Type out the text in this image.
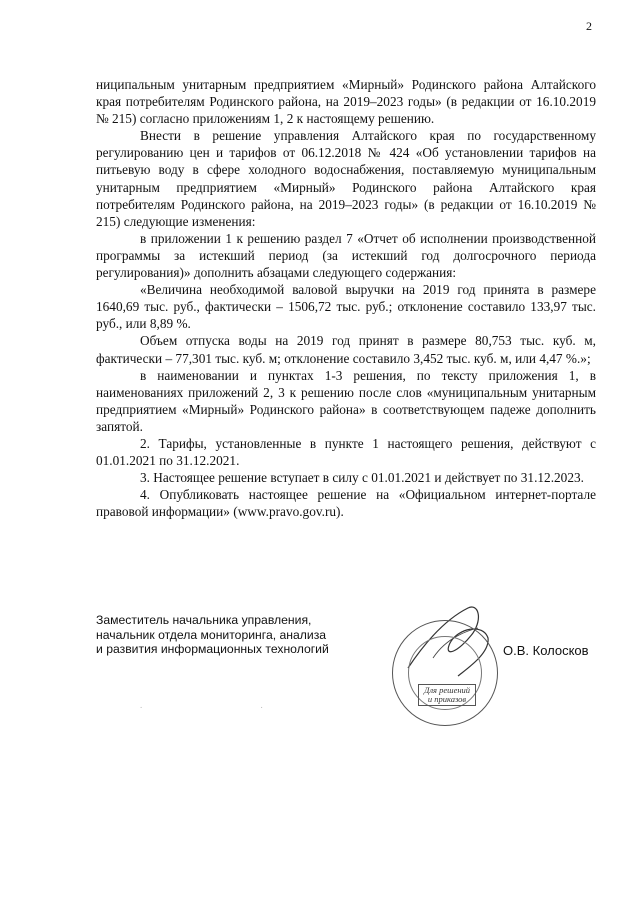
2

ниципальным унитарным предприятием «Мирный» Родинского района Алтайского края потребителям Родинского района, на 2019–2023 годы» (в редакции от 16.10.2019 № 215) согласно приложениям 1, 2 к настоящему решению.

Внести в решение управления Алтайского края по государственному регулированию цен и тарифов от 06.12.2018 № 424 «Об установлении тарифов на питьевую воду в сфере холодного водоснабжения, поставляемую муниципальным унитарным предприятием «Мирный» Родинского района Алтайского края потребителям Родинского района, на 2019–2023 годы» (в редакции от 16.10.2019 № 215) следующие изменения:

в приложении 1 к решению раздел 7 «Отчет об исполнении производственной программы за истекший период (за истекший год долгосрочного периода регулирования)» дополнить абзацами следующего содержания:

«Величина необходимой валовой выручки на 2019 год принята в размере 1640,69 тыс. руб., фактически – 1506,72 тыс. руб.; отклонение составило 133,97 тыс. руб., или 8,89 %.

Объем отпуска воды на 2019 год принят в размере 80,753 тыс. куб. м, фактически – 77,301 тыс. куб. м; отклонение составило 3,452 тыс. куб. м, или 4,47 %.»;

в наименовании и пунктах 1-3 решения, по тексту приложения 1, в наименованиях приложений 2, 3 к решению после слов «муниципальным унитарным предприятием «Мирный» Родинского района» в соответствующем падеже дополнить запятой.

2. Тарифы, установленные в пункте 1 настоящего решения, действуют с 01.01.2021 по 31.12.2021.

3. Настоящее решение вступает в силу с 01.01.2021 и действует по 31.12.2023.

4. Опубликовать настоящее решение на «Официальном интернет-портале правовой информации» (www.pravo.gov.ru).

Заместитель начальника управления,
начальник отдела мониторинга, анализа
и развития информационных технологий
Для решений
и приказов
О.В. Колосков
. .
